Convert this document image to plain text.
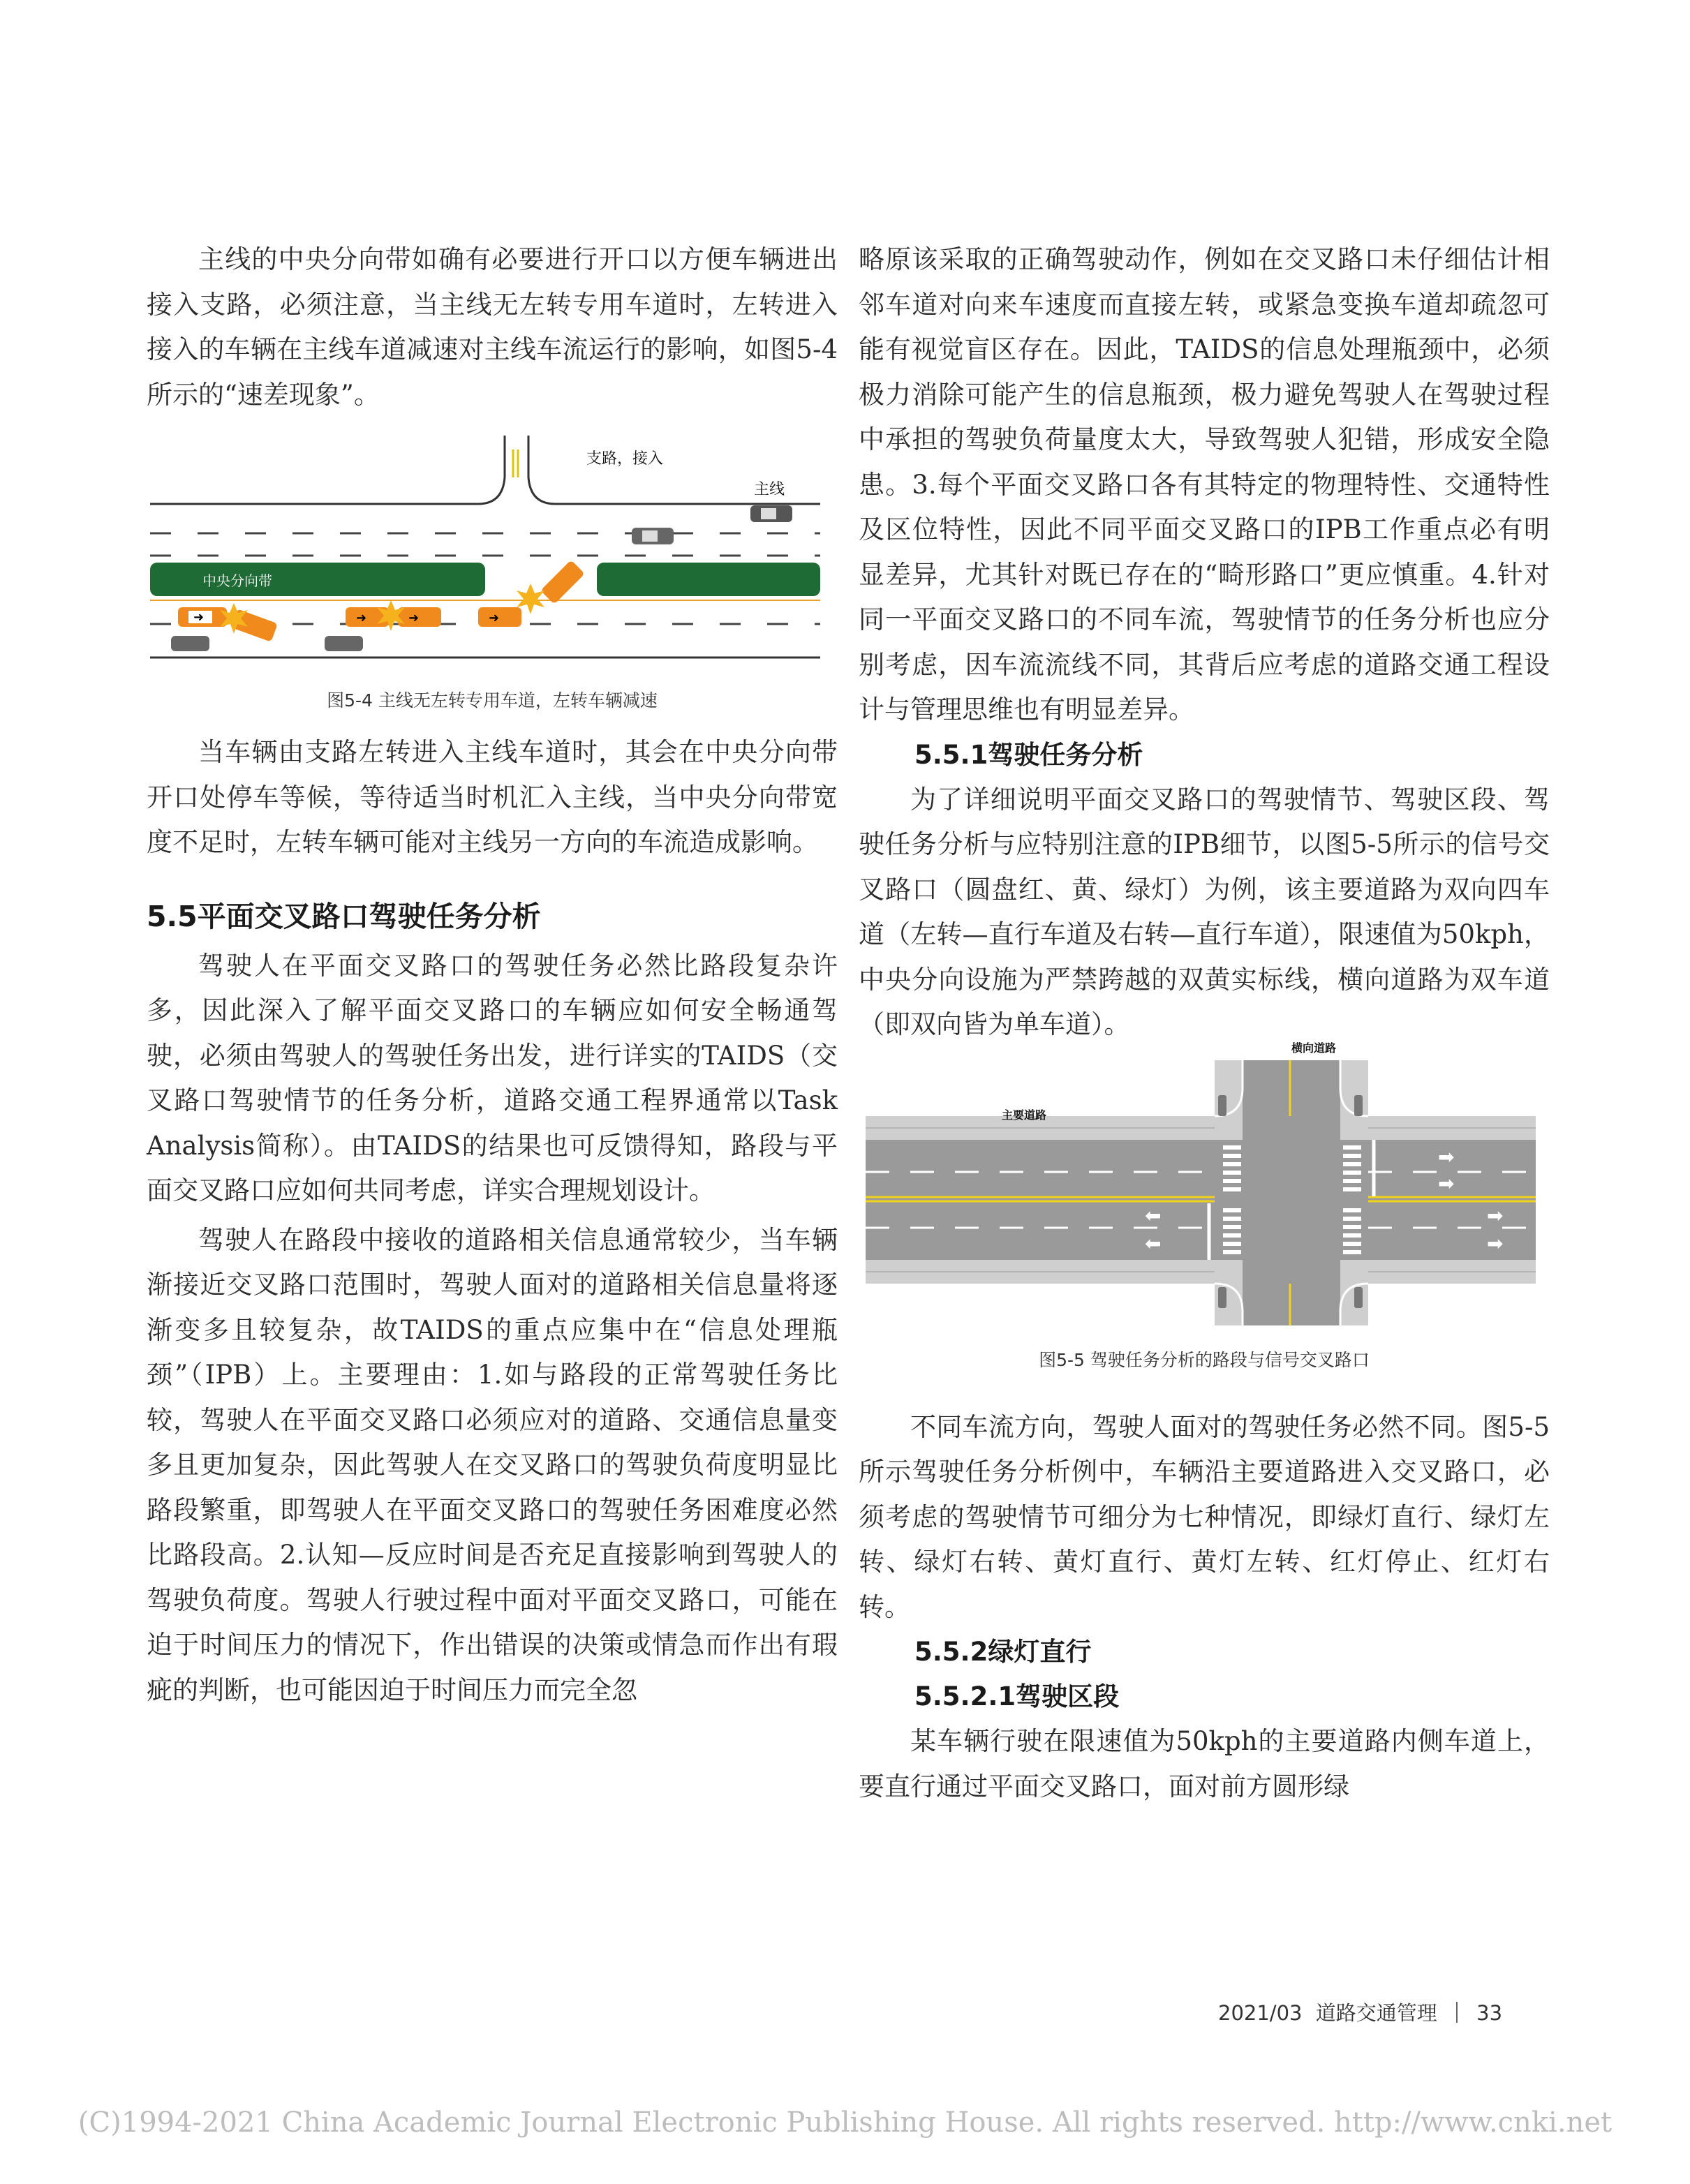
主线的中央分向带如确有必要进行开口以方便车辆进出接入支路，必须注意，当主线无左转专用车道时，左转进入接入的车辆在主线车道减速对主线车流运行的影响，如图5-4所示的“速差现象”。

➜	➜	➜	➜
支路，接入
主线
中央分向带
图5-4 主线无左转专用车道，左转车辆减速

当车辆由支路左转进入主线车道时，其会在中央分向带开口处停车等候，等待适当时机汇入主线，当中央分向带宽度不足时，左转车辆可能对主线另一方向的车流造成影响。

5.5平面交叉路口驾驶任务分析

驾驶人在平面交叉路口的驾驶任务必然比路段复杂许多，因此深入了解平面交叉路口的车辆应如何安全畅通驾驶，必须由驾驶人的驾驶任务出发，进行详实的TAIDS（交叉路口驾驶情节的任务分析，道路交通工程界通常以Task Analysis简称）。由TAIDS的结果也可反馈得知，路段与平面交叉路口应如何共同考虑，详实合理规划设计。

驾驶人在路段中接收的道路相关信息通常较少，当车辆渐接近交叉路口范围时，驾驶人面对的道路相关信息量将逐渐变多且较复杂，故TAIDS的重点应集中在“信息处理瓶颈”（IPB）上。主要理由：1.如与路段的正常驾驶任务比较，驾驶人在平面交叉路口必须应对的道路、交通信息量变多且更加复杂，因此驾驶人在交叉路口的驾驶负荷度明显比路段繁重，即驾驶人在平面交叉路口的驾驶任务困难度必然比路段高。2.认知—反应时间是否充足直接影响到驾驶人的驾驶负荷度。驾驶人行驶过程中面对平面交叉路口，可能在迫于时间压力的情况下，作出错误的决策或情急而作出有瑕疵的判断，也可能因迫于时间压力而完全忽

略原该采取的正确驾驶动作，例如在交叉路口未仔细估计相邻车道对向来车速度而直接左转，或紧急变换车道却疏忽可能有视觉盲区存在。因此，TAIDS的信息处理瓶颈中，必须极力消除可能产生的信息瓶颈，极力避免驾驶人在驾驶过程中承担的驾驶负荷量度太大，导致驾驶人犯错，形成安全隐患。3.每个平面交叉路口各有其特定的物理特性、交通特性及区位特性，因此不同平面交叉路口的IPB工作重点必有明显差异，尤其针对既已存在的“畸形路口”更应慎重。4.针对同一平面交叉路口的不同车流，驾驶情节的任务分析也应分别考虑，因车流流线不同，其背后应考虑的道路交通工程设计与管理思维也有明显差异。

5.5.1驾驶任务分析

为了详细说明平面交叉路口的驾驶情节、驾驶区段、驾驶任务分析与应特别注意的IPB细节，以图5-5所示的信号交叉路口（圆盘红、黄、绿灯）为例，该主要道路为双向四车道（左转—直行车道及右转—直行车道），限速值为50kph，中央分向设施为严禁跨越的双黄实标线，横向道路为双车道（即双向皆为单车道）。

⬅
⬅
➡
➡
➡
➡
横向道路
主要道路
图5-5 驾驶任务分析的路段与信号交叉路口

不同车流方向，驾驶人面对的驾驶任务必然不同。图5-5所示驾驶任务分析例中，车辆沿主要道路进入交叉路口，必须考虑的驾驶情节可细分为七种情况，即绿灯直行、绿灯左转、绿灯右转、黄灯直行、黄灯左转、红灯停止、红灯右转。

5.5.2绿灯直行
5.5.2.1驾驶区段

某车辆行驶在限速值为50kph的主要道路内侧车道上，要直行通过平面交叉路口，面对前方圆形绿

2021/03 道路交通管理 33
(C)1994-2021 China Academic Journal Electronic Publishing House. All rights reserved. http://www.cnki.net
